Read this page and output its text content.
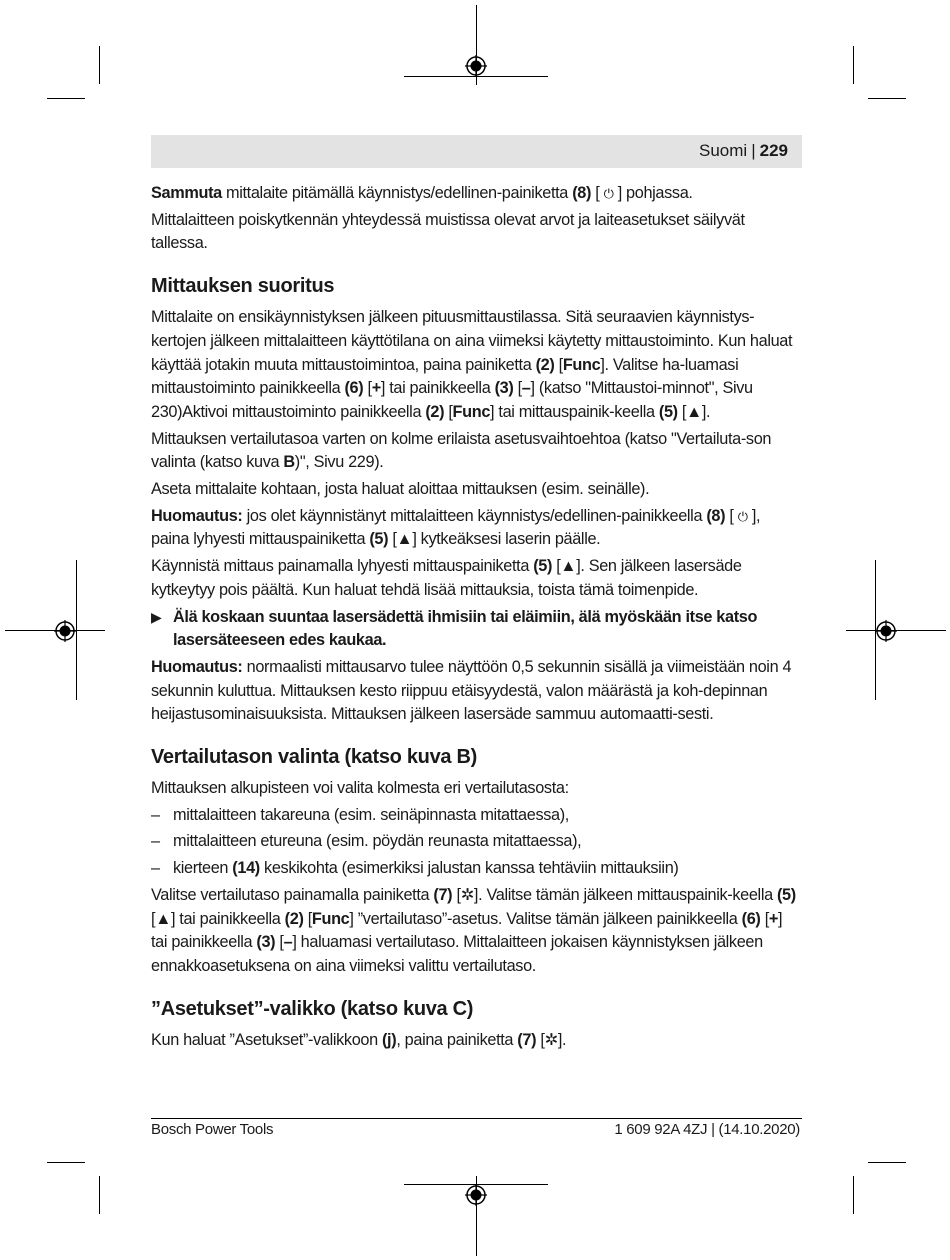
Suomi | 229

Sammuta mittalaite pitämällä käynnistys/edellinen-painiketta (8) [ ⏻ ] pohjassa.

Mittalaitteen poiskytkennän yhteydessä muistissa olevat arvot ja laiteasetukset säilyvät tallessa.

Mittauksen suoritus

Mittalaite on ensikäynnistyksen jälkeen pituusmittaustilassa. Sitä seuraavien käynnistys-kertojen jälkeen mittalaitteen käyttötilana on aina viimeksi käytetty mittaustoiminto. Kun haluat käyttää jotakin muuta mittaustoimintoa, paina painiketta (2) [Func]. Valitse ha-luamasi mittaustoiminto painikkeella (6) [+] tai painikkeella (3) [–] (katso "Mittaustoi-minnot", Sivu 230)Aktivoi mittaustoiminto painikkeella (2) [Func] tai mittauspainik-keella (5) [▲].

Mittauksen vertailutasoa varten on kolme erilaista asetusvaihtoehtoa (katso "Vertailuta-son valinta (katso kuva B)", Sivu 229).

Aseta mittalaite kohtaan, josta haluat aloittaa mittauksen (esim. seinälle).

Huomautus: jos olet käynnistänyt mittalaitteen käynnistys/edellinen-painikkeella (8) [ ⏻ ], paina lyhyesti mittauspainiketta (5) [▲] kytkeäksesi laserin päälle.

Käynnistä mittaus painamalla lyhyesti mittauspainiketta (5) [▲]. Sen jälkeen lasersäde kytkeytyy pois päältä. Kun haluat tehdä lisää mittauksia, toista tämä toimenpide.

▶ Älä koskaan suuntaa lasersädettä ihmisiin tai eläimiin, älä myöskään itse katso lasersäteeseen edes kaukaa.

Huomautus: normaalisti mittausarvo tulee näyttöön 0,5 sekunnin sisällä ja viimeistään noin 4 sekunnin kuluttua. Mittauksen kesto riippuu etäisyydestä, valon määrästä ja koh-depinnan heijastusominaisuuksista. Mittauksen jälkeen lasersäde sammuu automaatti-sesti.

Vertailutason valinta (katso kuva B)

Mittauksen alkupisteen voi valita kolmesta eri vertailutasosta:

– mittalaitteen takareuna (esim. seinäpinnasta mitattaessa),
– mittalaitteen etureuna (esim. pöydän reunasta mitattaessa),
– kierteen (14) keskikohta (esimerkiksi jalustan kanssa tehtäviin mittauksiin)

Valitse vertailutaso painamalla painiketta (7) [✲]. Valitse tämän jälkeen mittauspainik-keella (5) [▲] tai painikkeella (2) [Func] ”vertailutaso”-asetus. Valitse tämän jälkeen painikkeella (6) [+] tai painikkeella (3) [–] haluamasi vertailutaso. Mittalaitteen jokaisen käynnistyksen jälkeen ennakkoasetuksena on aina viimeksi valittu vertailutaso.

”Asetukset”-valikko (katso kuva C)

Kun haluat ”Asetukset”-valikkoon (j), paina painiketta (7) [✲].

Bosch Power Tools	1 609 92A 4ZJ | (14.10.2020)
